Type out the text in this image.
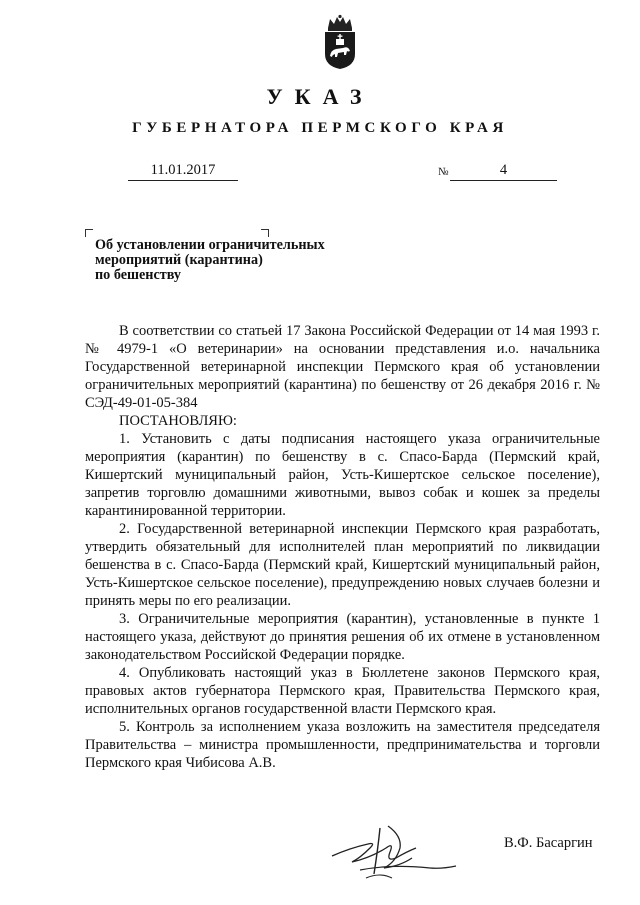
УКАЗ
ГУБЕРНАТОРА ПЕРМСКОГО КРАЯ
11.01.2017	№	4
Об установлении ограничительных
мероприятий (карантина)
по бешенству

В соответствии со статьей 17 Закона Российской Федерации от 14 мая 1993 г. № 4979-1 «О ветеринарии» на основании представления и.о. начальника Государственной ветеринарной инспекции Пермского края об установлении ограничительных мероприятий (карантина) по бешенству от 26 декабря 2016 г. № СЭД-49-01-05-384

ПОСТАНОВЛЯЮ:

1. Установить с даты подписания настоящего указа ограничительные мероприятия (карантин) по бешенству в с. Спасо-Барда (Пермский край, Кишертский муниципальный район, Усть-Кишертское сельское поселение), запретив торговлю домашними животными, вывоз собак и кошек за пределы карантинированной территории.

2. Государственной ветеринарной инспекции Пермского края разработать, утвердить обязательный для исполнителей план мероприятий по ликвидации бешенства в с. Спасо-Барда (Пермский край, Кишертский муниципальный район, Усть-Кишертское сельское поселение), предупреждению новых случаев болезни и принять меры по его реализации.

3. Ограничительные мероприятия (карантин), установленные в пункте 1 настоящего указа, действуют до принятия решения об их отмене в установленном законодательством Российской Федерации порядке.

4. Опубликовать настоящий указ в Бюллетене законов Пермского края, правовых актов губернатора Пермского края, Правительства Пермского края, исполнительных органов государственной власти Пермского края.

5. Контроль за исполнением указа возложить на заместителя председателя Правительства – министра промышленности, предпринимательства и торговли Пермского края Чибисова А.В.

В.Ф. Басаргин
